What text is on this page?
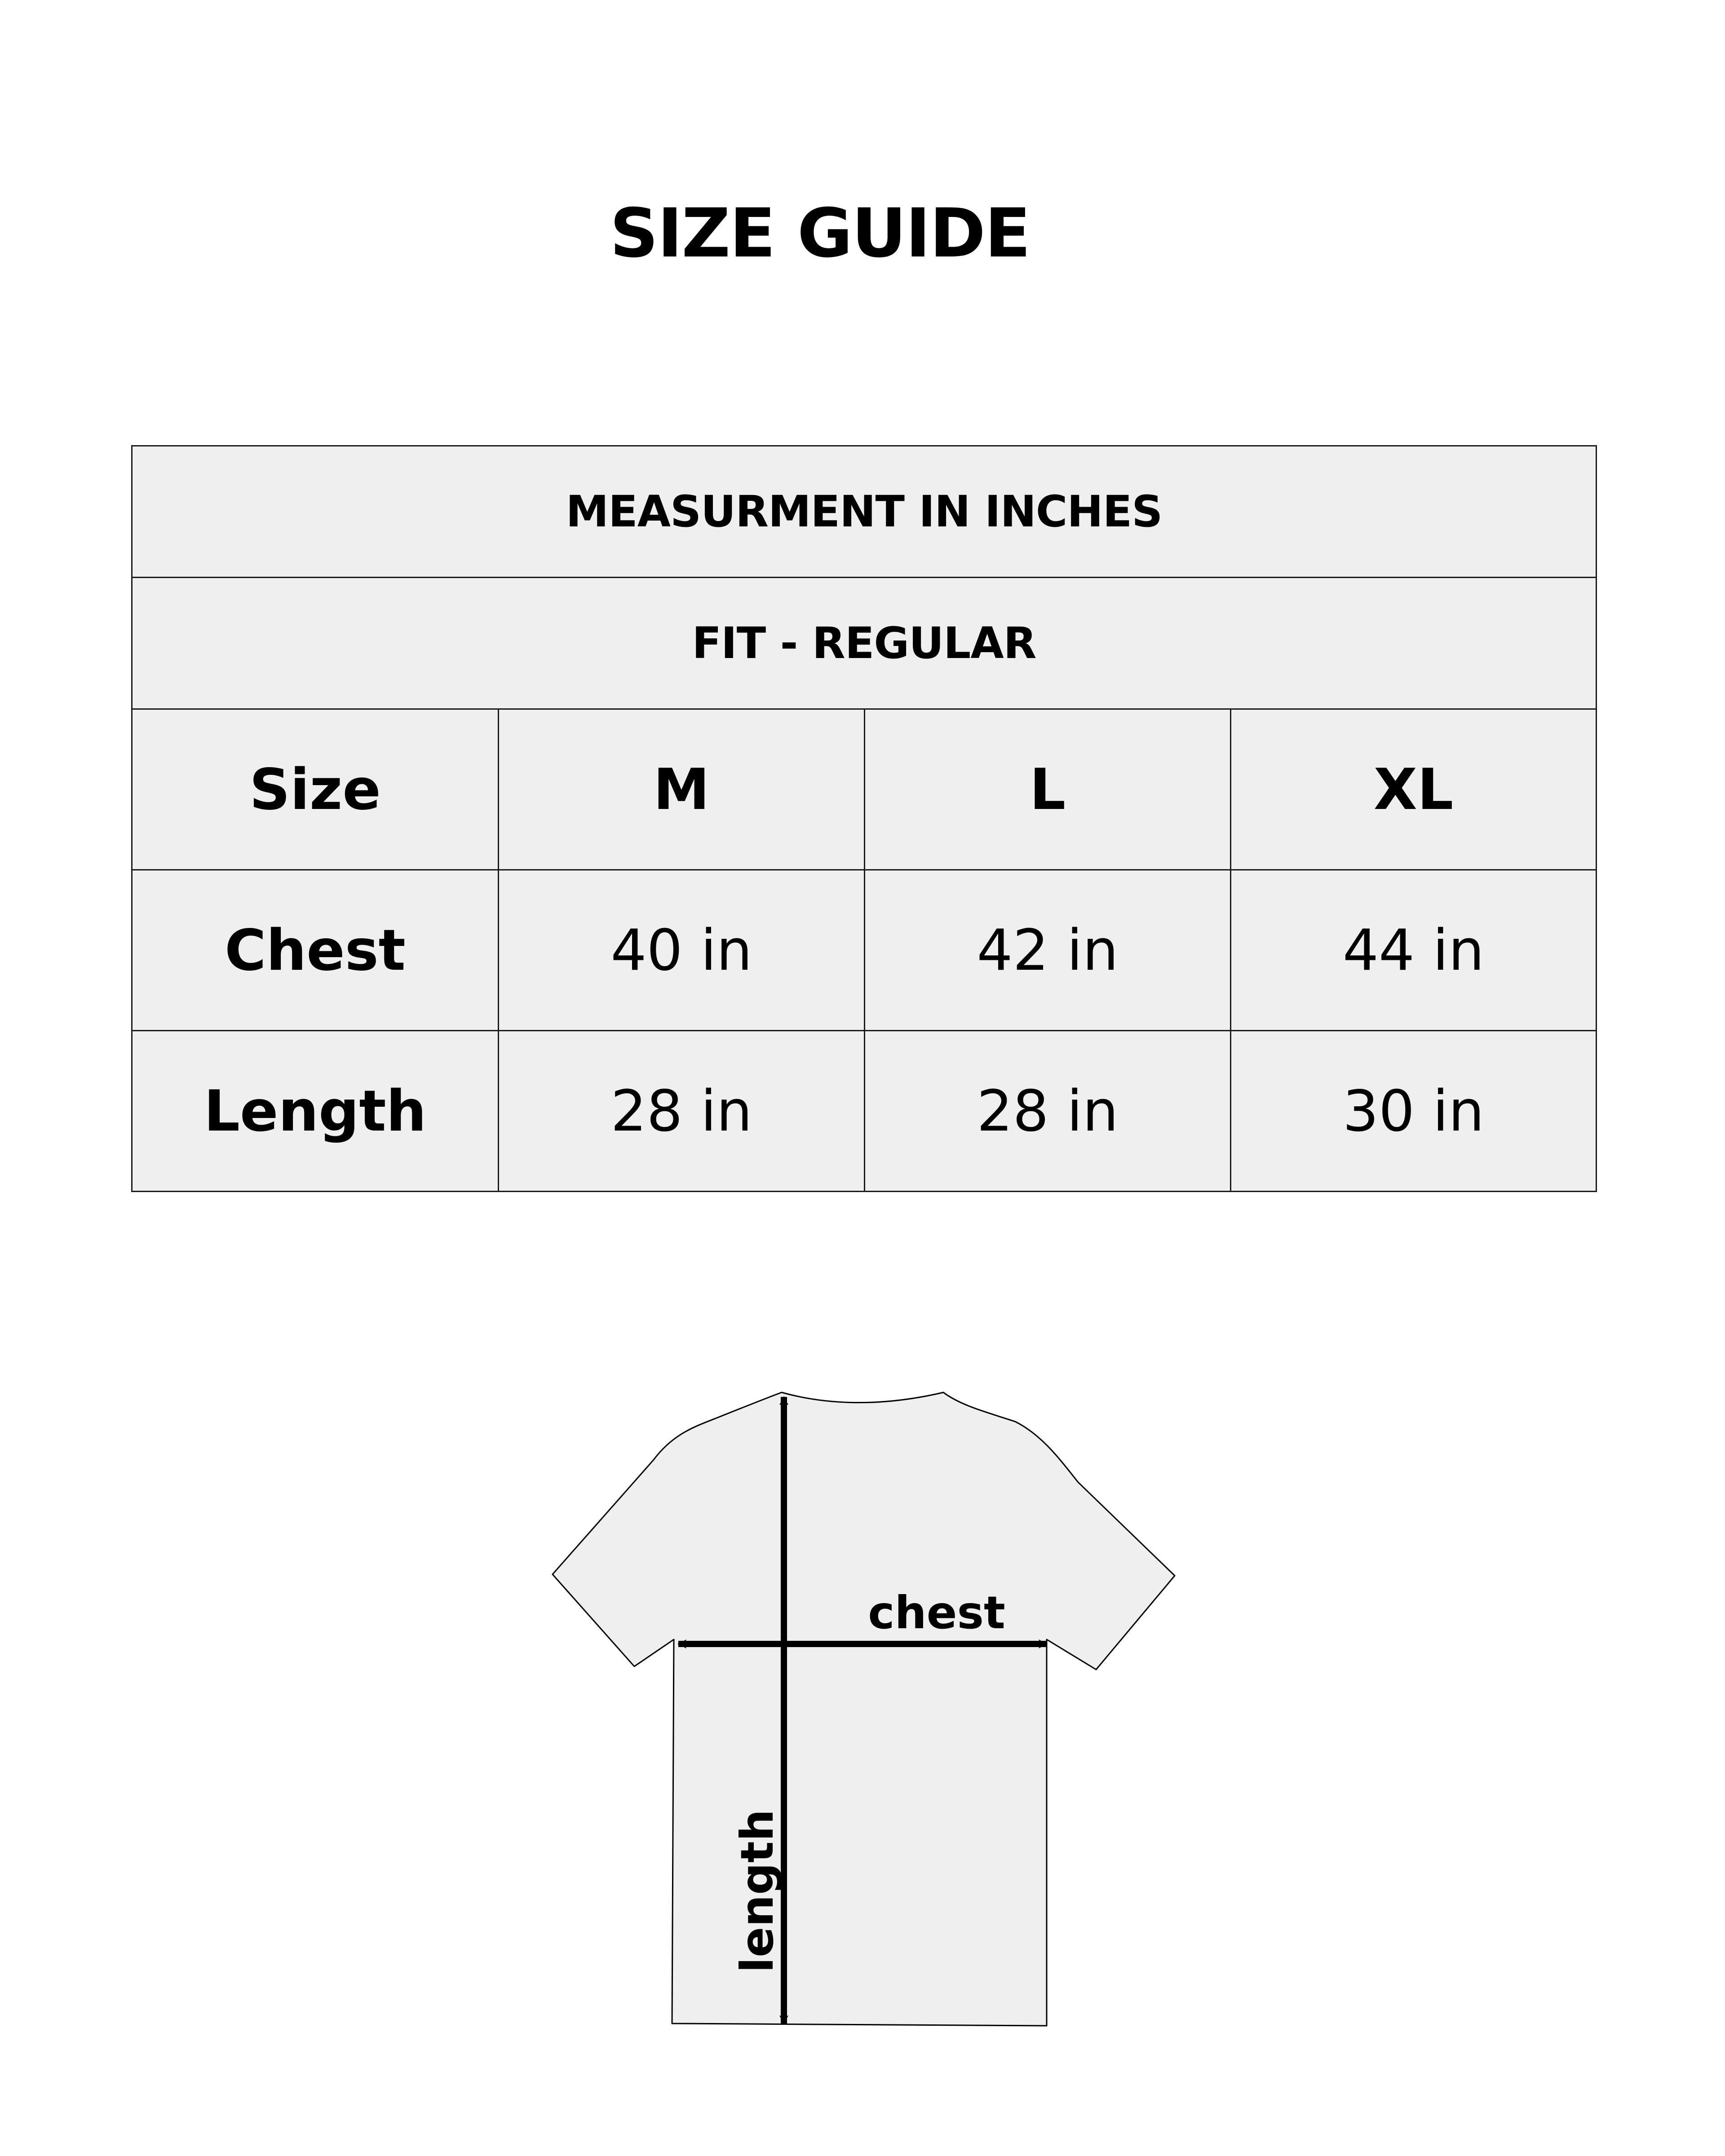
SIZE GUIDE
MEASURMENT IN INCHES			
FIT - REGULAR			
Size	M	L	XL
Chest	40 in	42 in	44 in
Length	28 in	28 in	30 in
chest
length
